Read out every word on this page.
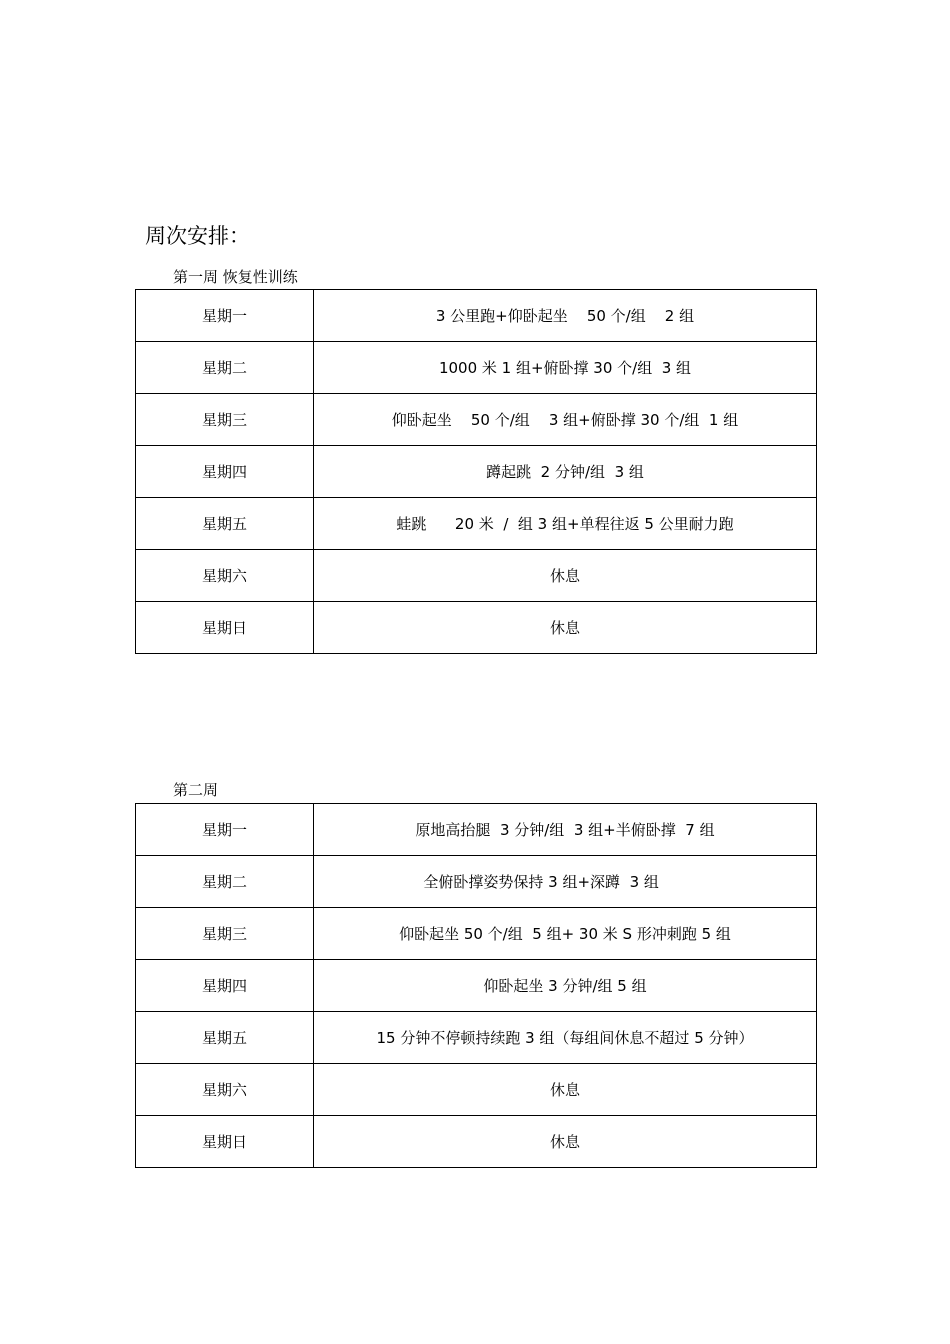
周次安排：
第一周 恢复性训练
星期一	3 公里跑+仰卧起坐    50 个/组    2 组
星期二	1000 米 1 组+俯卧撑 30 个/组  3 组
星期三	仰卧起坐    50 个/组    3 组+俯卧撑 30 个/组  1 组
星期四	蹲起跳  2 分钟/组  3 组
星期五	蛙跳      20 米  /  组 3 组+单程往返 5 公里耐力跑
星期六	休息
星期日	休息
第二周
星期一	原地高抬腿  3 分钟/组  3 组+半俯卧撑  7 组
星期二	全俯卧撑姿势保持 3 组+深蹲  3 组
星期三	仰卧起坐 50 个/组  5 组+ 30 米 S 形冲刺跑 5 组
星期四	仰卧起坐 3 分钟/组 5 组
星期五	15 分钟不停顿持续跑 3 组（每组间休息不超过 5 分钟）
星期六	休息
星期日	休息
